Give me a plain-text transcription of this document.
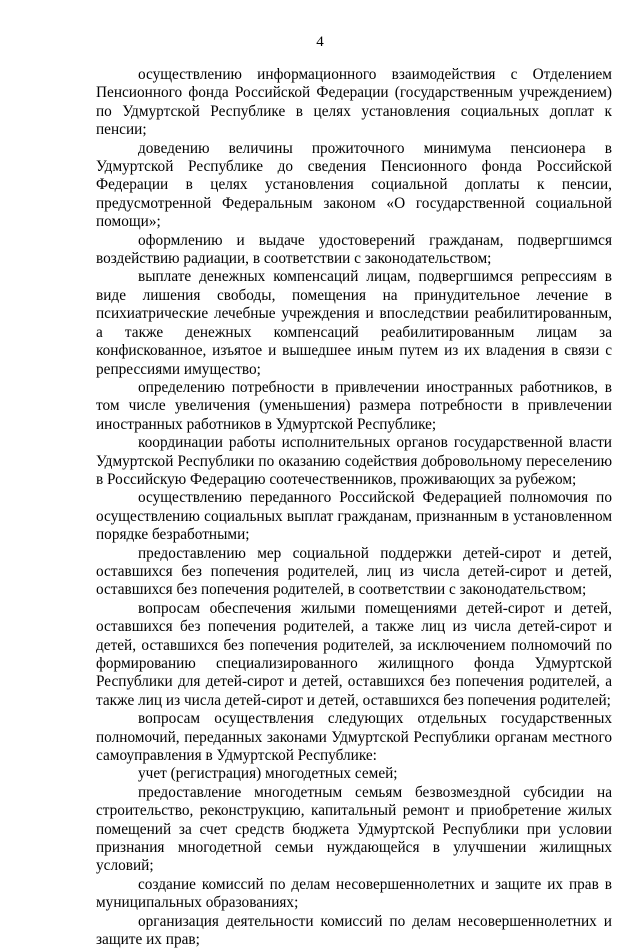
4

осуществлению информационного взаимодействия с Отделением Пенсионного фонда Российской Федерации (государственным учреждением) по Удмуртской Республике в целях установления социальных доплат к пенсии;

доведению величины прожиточного минимума пенсионера в Удмуртской Республике до сведения Пенсионного фонда Российской Федерации в целях установления социальной доплаты к пенсии, предусмотренной Федеральным законом «О государственной социальной помощи»;

оформлению и выдаче удостоверений гражданам, подвергшимся воздействию радиации, в соответствии с законодательством;

выплате денежных компенсаций лицам, подвергшимся репрессиям в виде лишения свободы, помещения на принудительное лечение в психиатрические лечебные учреждения и впоследствии реабилитированным, а также денежных компенсаций реабилитированным лицам за конфискованное, изъятое и вышедшее иным путем из их владения в связи с репрессиями имущество;

определению потребности в привлечении иностранных работников, в том числе увеличения (уменьшения) размера потребности в привлечении иностранных работников в Удмуртской Республике;

координации работы исполнительных органов государственной власти Удмуртской Республики по оказанию содействия добровольному переселению в Российскую Федерацию соотечественников, проживающих за рубежом;

осуществлению переданного Российской Федерацией полномочия по осуществлению социальных выплат гражданам, признанным в установленном порядке безработными;

предоставлению мер социальной поддержки детей-сирот и детей, оставшихся без попечения родителей, лиц из числа детей-сирот и детей, оставшихся без попечения родителей, в соответствии с законодательством;

вопросам обеспечения жилыми помещениями детей-сирот и детей, оставшихся без попечения родителей, а также лиц из числа детей-сирот и детей, оставшихся без попечения родителей, за исключением полномочий по формированию специализированного жилищного фонда Удмуртской Республики для детей-сирот и детей, оставшихся без попечения родителей, а также лиц из числа детей-сирот и детей, оставшихся без попечения родителей;

вопросам осуществления следующих отдельных государственных полномочий, переданных законами Удмуртской Республики органам местного самоуправления в Удмуртской Республике:

учет (регистрация) многодетных семей;

предоставление многодетным семьям безвозмездной субсидии на строительство, реконструкцию, капитальный ремонт и приобретение жилых помещений за счет средств бюджета Удмуртской Республики при условии признания многодетной семьи нуждающейся в улучшении жилищных условий;

создание комиссий по делам несовершеннолетних и защите их прав в муниципальных образованиях;

организация деятельности комиссий по делам несовершеннолетних и защите их прав;
